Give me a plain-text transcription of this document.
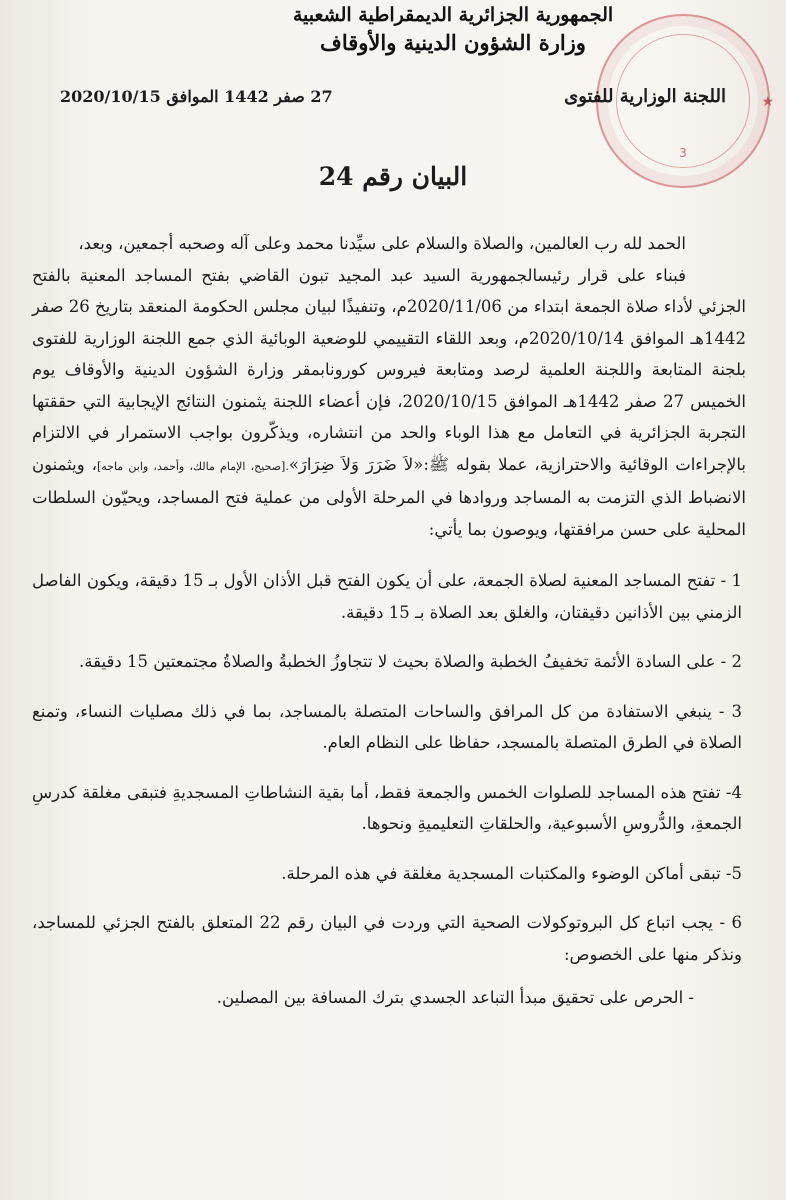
★
3
الجمهورية الجزائرية الديمقراطية الشعبية
وزارة الشؤون الدينية والأوقاف
اللجنة الوزارية للفتوى
27 صفر 1442 الموافق 2020/10/15
البيان رقم 24

الحمد لله رب العالمين، والصلاة والسلام على سيِّدنا محمد وعلى آله وصحبه أجمعين، وبعد،

فبناء على قرار رئيسالجمهورية السيد عبد المجيد تبون القاضي بفتح المساجد المعنية بالفتح الجزئي لأداء صلاة الجمعة ابتداء من 2020/11/06م، وتنفيذًا لبيان مجلس الحكومة المنعقد بتاريخ 26 صفر 1442هـ الموافق 2020/10/14م، وبعد اللقاء التقييمي للوضعية الوبائية الذي جمع اللجنة الوزارية للفتوى بلجنة المتابعة واللجنة العلمية لرصد ومتابعة فيروس كورونابمقر وزارة الشؤون الدينية والأوقاف يوم الخميس 27 صفر 1442هـ الموافق 2020/10/15، فإن أعضاء اللجنة يثمنون النتائج الإيجابية التي حققتها التجربة الجزائرية في التعامل مع هذا الوباء والحد من انتشاره، ويذكّرون بواجب الاستمرار في الالتزام بالإجراءات الوقائية والاحترازية، عملا بقوله ﷺ:«لاَ ضَرَرَ وَلاَ ضِرَارَ».[صحيح، الإمام مالك، وأحمد، وابن ماجه]، ويثمنون الانضباط الذي التزمت به المساجد وروادها في المرحلة الأولى من عملية فتح المساجد، ويحيّون السلطات المحلية على حسن مرافقتها، ويوصون بما يأتي:

1 - تفتح المساجد المعنية لصلاة الجمعة، على أن يكون الفتح قبل الأذان الأول بـ 15 دقيقة، ويكون الفاصل الزمني بين الأذانين دقيقتان، والغلق بعد الصلاة بـ 15 دقيقة.

2 - على السادة الأئمة تخفيفُ الخطبة والصلاة بحيث لا تتجاوزُ الخطبةُ والصلاةُ مجتمعتين 15 دقيقة.

3 - ينبغي الاستفادة من كل المرافق والساحات المتصلة بالمساجد، بما في ذلك مصليات النساء، وتمنع الصلاة في الطرق المتصلة بالمسجد، حفاظا على النظام العام.

4- تفتح هذه المساجد للصلوات الخمس والجمعة فقط، أما بقية النشاطاتِ المسجديةِ فتبقى مغلقة كدرسِ الجمعةِ، والدُّروسِ الأسبوعية، والحلقاتِ التعليميةِ ونحوها.

5- تبقى أماكن الوضوء والمكتبات المسجدية مغلقة في هذه المرحلة.

6 - يجب اتباع كل البروتوكولات الصحية التي وردت في البيان رقم 22 المتعلق بالفتح الجزئي للمساجد، ونذكر منها على الخصوص:

- الحرص على تحقيق مبدأ التباعد الجسدي بترك المسافة بين المصلين.
